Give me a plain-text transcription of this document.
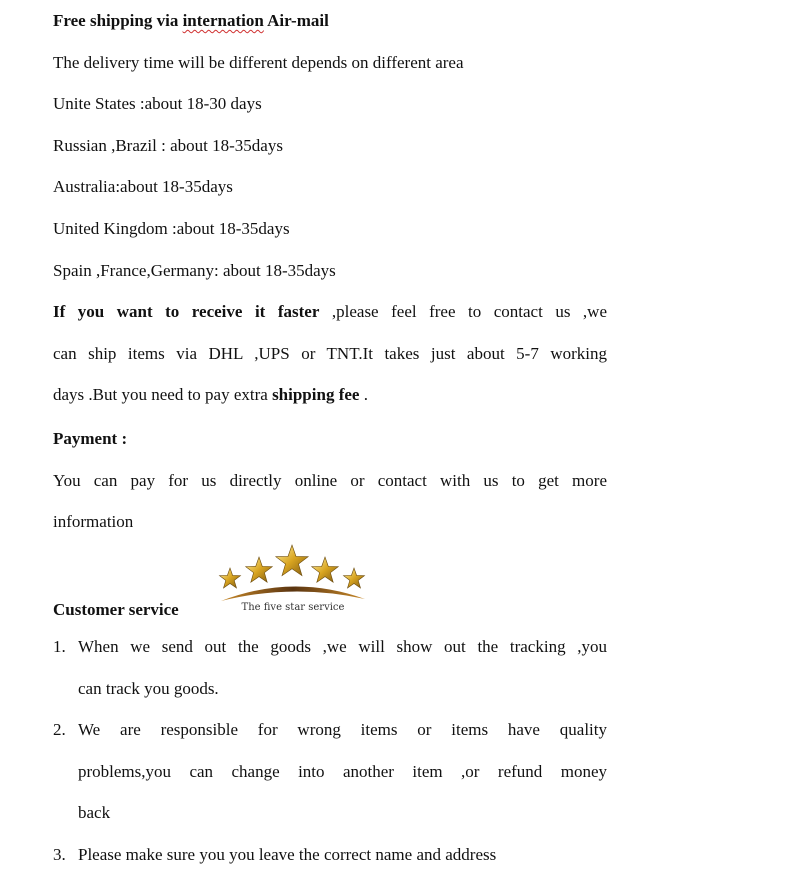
Free shipping via internation Air-mail
The delivery time will be different depends on different area
Unite States :about 18-30 days
Russian ,Brazil : about 18-35days
Australia:about 18-35days
United Kingdom :about 18-35days
Spain ,France,Germany: about 18-35days
If you want to receive it faster ,please feel free to contact us ,we
can ship items via DHL ,UPS or TNT.It takes just about 5-7 working
days .But you need to pay extra shipping fee .
Payment :
You can pay for us directly online or contact with us to get more
information
The five star service
Customer service
1. When we send out the goods ,we will show out the tracking ,you
can track you goods.
2. We are responsible for wrong items or items have quality
problems,you can change into another item ,or refund money
back
3. Please make sure you you leave the correct name and address
